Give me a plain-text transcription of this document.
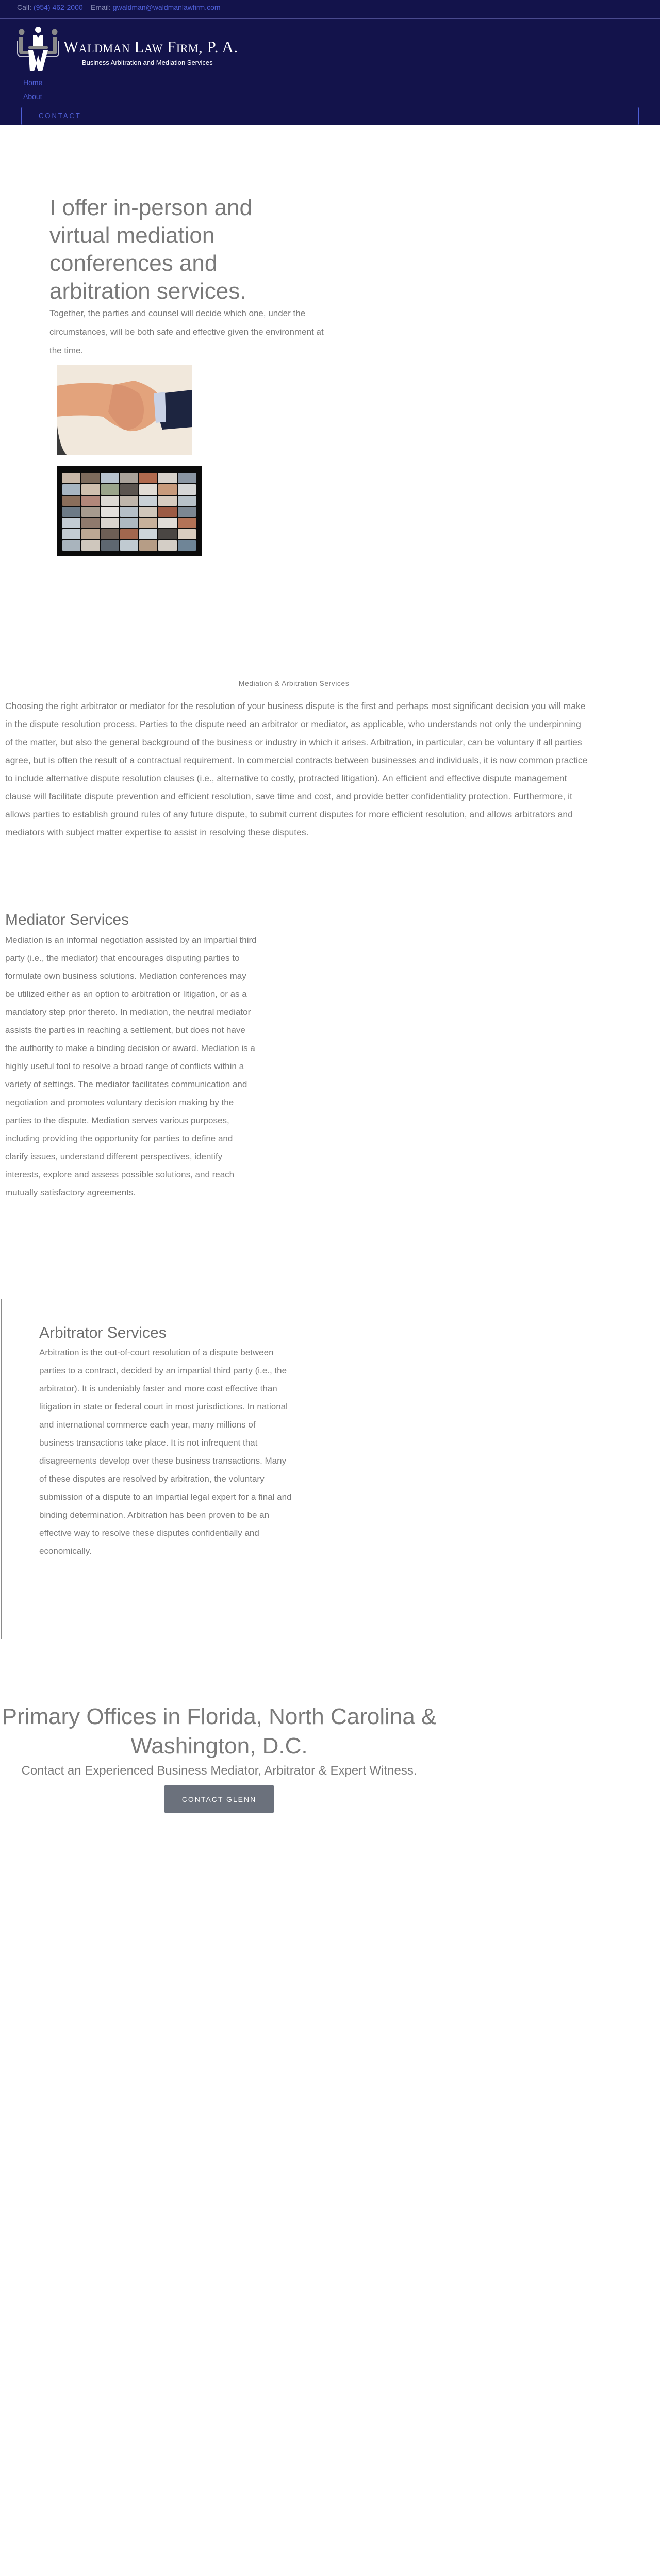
Call: (954) 462-2000 Email: gwaldman@waldmanlawfirm.com
Waldman Law Firm, P. A.
Business Arbitration and Mediation Services
Home
About
CONTACT
I offer in-person and virtual mediation conferences and arbitration services.

Together, the parties and counsel will decide which one, under the circumstances, will be both safe and effective given the environment at the time.

Mediation & Arbitration Services

Choosing the right arbitrator or mediator for the resolution of your business dispute is the first and perhaps most significant decision you will make in the dispute resolution process. Parties to the dispute need an arbitrator or mediator, as applicable, who understands not only the underpinning of the matter, but also the general background of the business or industry in which it arises. Arbitration, in particular, can be voluntary if all parties agree, but is often the result of a contractual requirement. In commercial contracts between businesses and individuals, it is now common practice to include alternative dispute resolution clauses (i.e., alternative to costly, protracted litigation). An efficient and effective dispute management clause will facilitate dispute prevention and efficient resolution, save time and cost, and provide better confidentiality protection. Furthermore, it allows parties to establish ground rules of any future dispute, to submit current disputes for more efficient resolution, and allows arbitrators and mediators with subject matter expertise to assist in resolving these disputes.

Mediator Services

Mediation is an informal negotiation assisted by an impartial third party (i.e., the mediator) that encourages disputing parties to formulate own business solutions. Mediation conferences may be utilized either as an option to arbitration or litigation, or as a mandatory step prior thereto. In mediation, the neutral mediator assists the parties in reaching a settlement, but does not have the authority to make a binding decision or award. Mediation is a highly useful tool to resolve a broad range of conflicts within a variety of settings. The mediator facilitates communication and negotiation and promotes voluntary decision making by the parties to the dispute. Mediation serves various purposes, including providing the opportunity for parties to define and clarify issues, understand different perspectives, identify interests, explore and assess possible solutions, and reach mutually satisfactory agreements.

Arbitrator Services

Arbitration is the out-of-court resolution of a dispute between parties to a contract, decided by an impartial third party (i.e., the arbitrator). It is undeniably faster and more cost effective than litigation in state or federal court in most jurisdictions. In national and international commerce each year, many millions of business transactions take place. It is not infrequent that disagreements develop over these business transactions. Many of these disputes are resolved by arbitration, the voluntary submission of a dispute to an impartial legal expert for a final and binding determination. Arbitration has been proven to be an effective way to resolve these disputes confidentially and economically.

Primary Offices in Florida, North Carolina & Washington, D.C.

Contact an Experienced Business Mediator, Arbitrator & Expert Witness.

CONTACT GLENN
